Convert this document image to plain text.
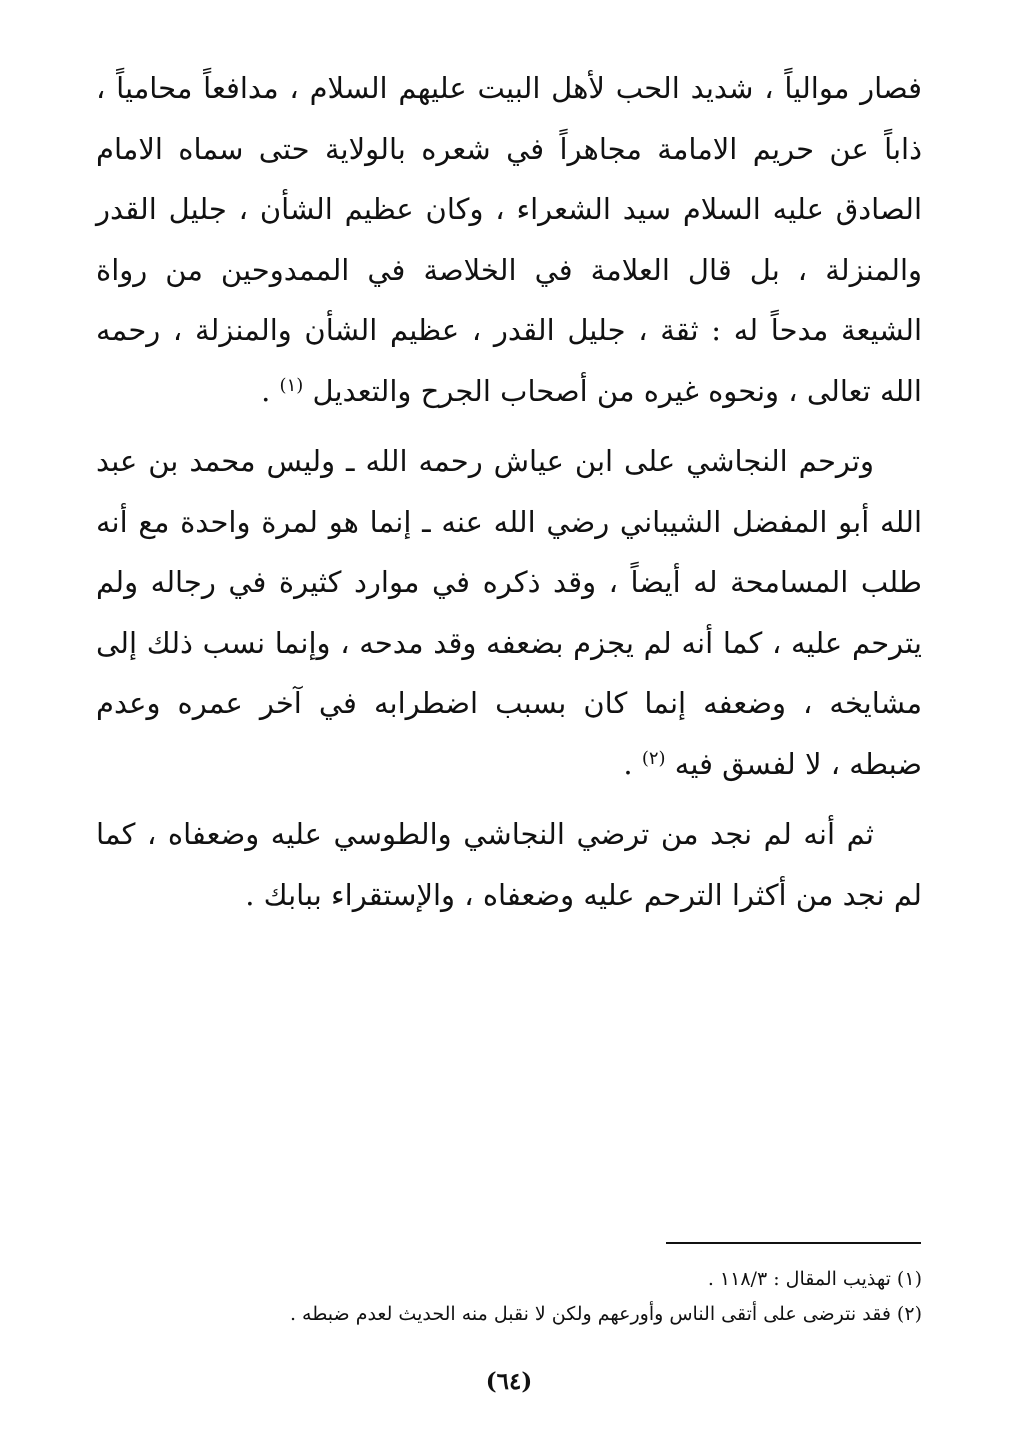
فصار موالياً ، شديد الحب لأهل البيت عليهم السلام ، مدافعاً محامياً ، ذاباً عن حريم الامامة مجاهراً في شعره بالولاية حتى سماه الامام الصادق عليه السلام سيد الشعراء ، وكان عظيم الشأن ، جليل القدر والمنزلة ، بل قال العلامة في الخلاصة في الممدوحين من رواة الشيعة مدحاً له : ثقة ، جليل القدر ، عظيم الشأن والمنزلة ، رحمه الله تعالى ، ونحوه غيره من أصحاب الجرح والتعديل $^{(١)}$ .

وترحم النجاشي على ابن عياش رحمه الله ـ وليس محمد بن عبد الله أبو المفضل الشيباني رضي الله عنه ـ إنما هو لمرة واحدة مع أنه طلب المسامحة له أيضاً ، وقد ذكره في موارد كثيرة في رجاله ولم يترحم عليه ، كما أنه لم يجزم بضعفه وقد مدحه ، وإنما نسب ذلك إلى مشايخه ، وضعفه إنما كان بسبب اضطرابه في آخر عمره وعدم ضبطه ، لا لفسق فيه $^{(٢)}$ .

ثم أنه لم نجد من ترضي النجاشي والطوسي عليه وضعفاه ، كما لم نجد من أكثرا الترحم عليه وضعفاه ، والإستقراء ببابك .

(١) تهذيب المقال : ١١٨/٣ .

(٢) فقد نترضى على أتقى الناس وأورعهم ولكن لا نقبل منه الحديث لعدم ضبطه .

(٦٤)
